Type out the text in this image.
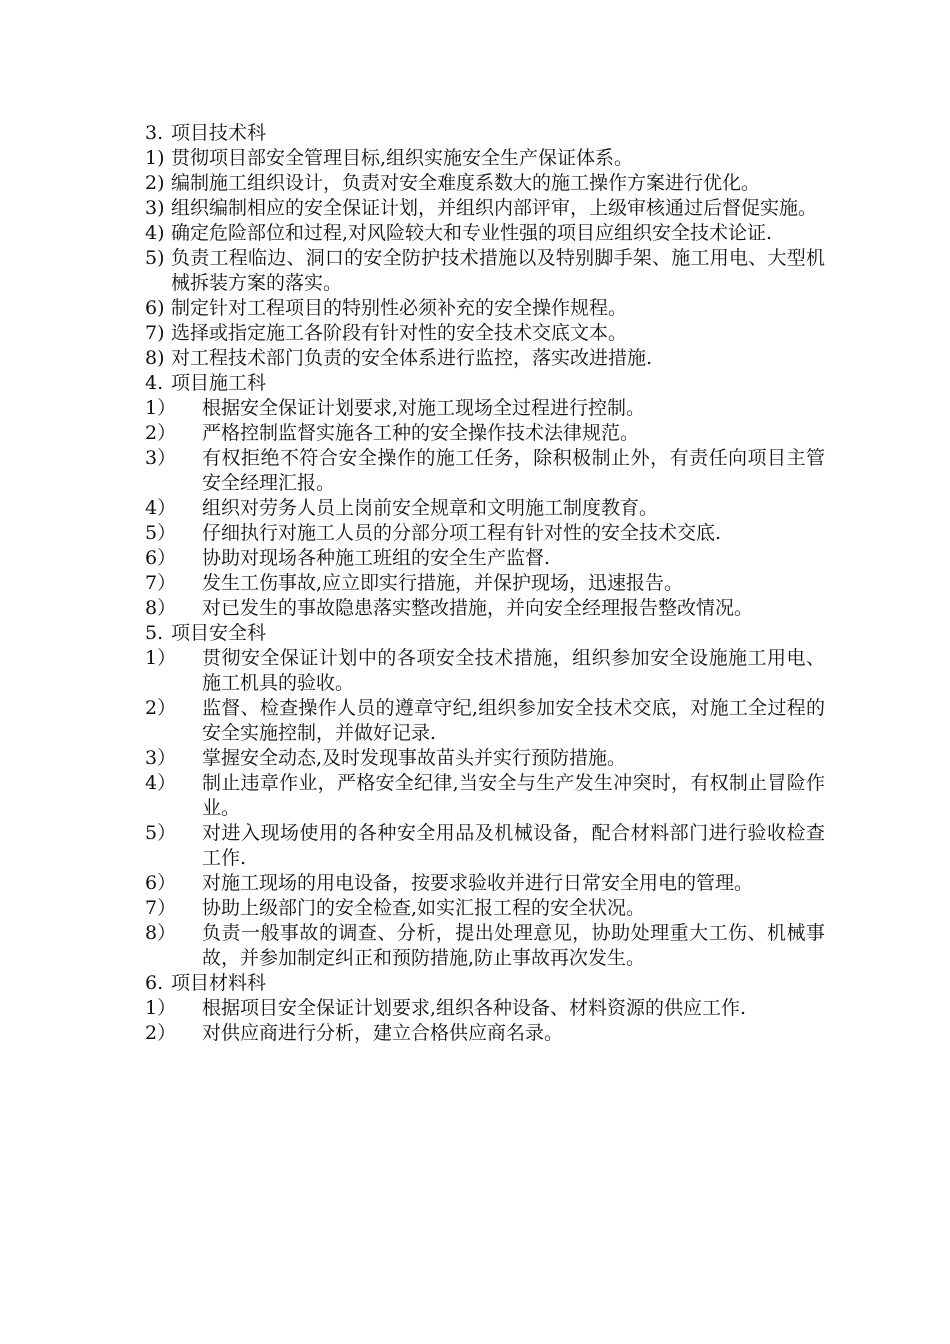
3. 项目技术科
1) 贯彻项目部安全管理目标,组织实施安全生产保证体系。
2) 编制施工组织设计，负责对安全难度系数大的施工操作方案进行优化。
3) 组织编制相应的安全保证计划，并组织内部评审，上级审核通过后督促实施。
4) 确定危险部位和过程,对风险较大和专业性强的项目应组织安全技术论证.
5) 负责工程临边、洞口的安全防护技术措施以及特别脚手架、施工用电、大型机械拆装方案的落实。
6) 制定针对工程项目的特别性必须补充的安全操作规程。
7) 选择或指定施工各阶段有针对性的安全技术交底文本。
8) 对工程技术部门负责的安全体系进行监控，落实改进措施.
4. 项目施工科
1）	根据安全保证计划要求,对施工现场全过程进行控制。
2）	严格控制监督实施各工种的安全操作技术法律规范。
3）	有权拒绝不符合安全操作的施工任务，除积极制止外，有责任向项目主管安全经理汇报。
4）	组织对劳务人员上岗前安全规章和文明施工制度教育。
5）	仔细执行对施工人员的分部分项工程有针对性的安全技术交底.
6）	协助对现场各种施工班组的安全生产监督.
7）	发生工伤事故,应立即实行措施，并保护现场，迅速报告。
8）	对已发生的事故隐患落实整改措施，并向安全经理报告整改情况。
5. 项目安全科
1）	贯彻安全保证计划中的各项安全技术措施，组织参加安全设施施工用电、施工机具的验收。
2）	监督、检查操作人员的遵章守纪,组织参加安全技术交底，对施工全过程的安全实施控制，并做好记录.
3）	掌握安全动态,及时发现事故苗头并实行预防措施。
4）	制止违章作业，严格安全纪律,当安全与生产发生冲突时，有权制止冒险作业。
5）	对进入现场使用的各种安全用品及机械设备，配合材料部门进行验收检查工作.
6）	对施工现场的用电设备，按要求验收并进行日常安全用电的管理。
7）	协助上级部门的安全检查,如实汇报工程的安全状况。
8）	负责一般事故的调查、分析，提出处理意见，协助处理重大工伤、机械事故，并参加制定纠正和预防措施,防止事故再次发生。
6. 项目材料科
1）	根据项目安全保证计划要求,组织各种设备、材料资源的供应工作.
2）	对供应商进行分析，建立合格供应商名录。
